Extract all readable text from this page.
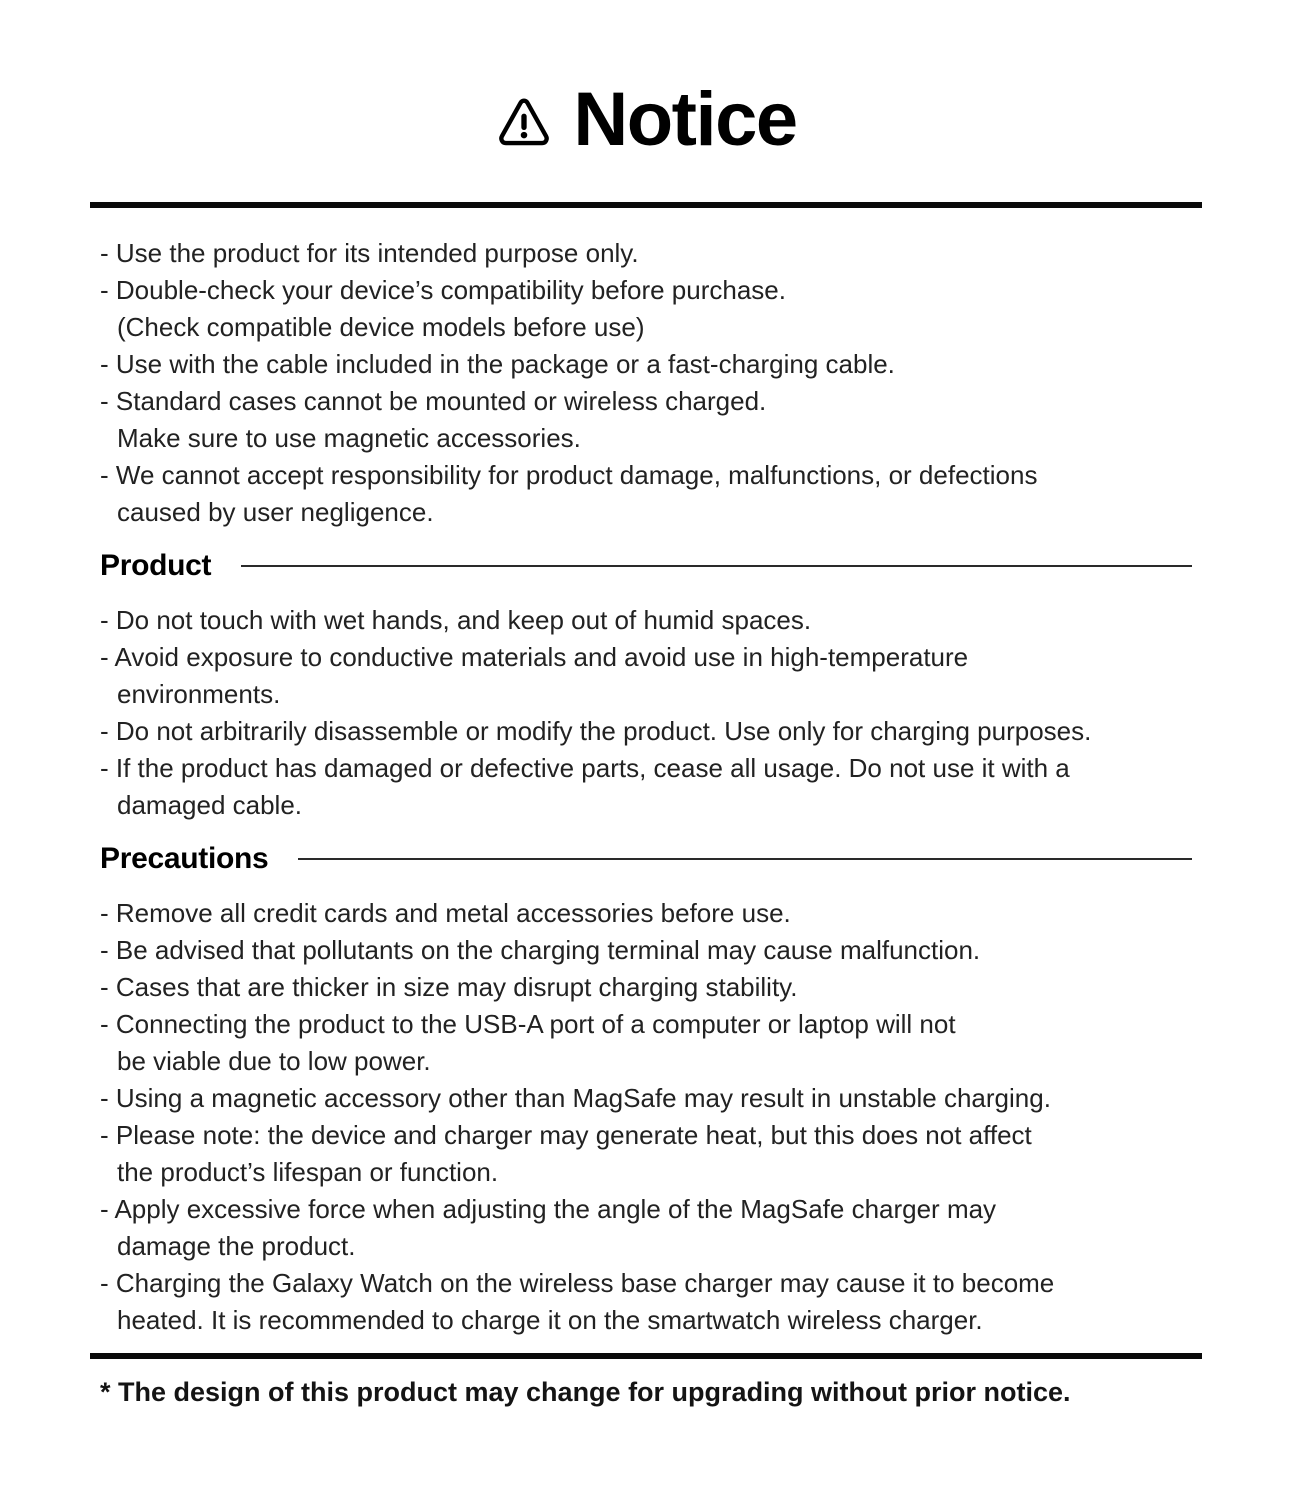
Notice
- Use the product for its intended purpose only.
- Double-check your device’s compatibility before purchase.
(Check compatible device models before use)
- Use with the cable included in the package or a fast-charging cable.
- Standard cases cannot be mounted or wireless charged.
Make sure to use magnetic accessories.
- We cannot accept responsibility for product damage, malfunctions, or defections
caused by user negligence.
Product
- Do not touch with wet hands, and keep out of humid spaces.
- Avoid exposure to conductive materials and avoid use in high-temperature
environments.
- Do not arbitrarily disassemble or modify the product. Use only for charging purposes.
- If the product has damaged or defective parts, cease all usage. Do not use it with a
damaged cable.
Precautions
- Remove all credit cards and metal accessories before use.
- Be advised that pollutants on the charging terminal may cause malfunction.
- Cases that are thicker in size may disrupt charging stability.
- Connecting the product to the USB-A port of a computer or laptop will not
be viable due to low power.
- Using a magnetic accessory other than MagSafe may result in unstable charging.
- Please note: the device and charger may generate heat, but this does not affect
the product’s lifespan or function.
- Apply excessive force when adjusting the angle of the MagSafe charger may
damage the product.
- Charging the Galaxy Watch on the wireless base charger may cause it to become
heated. It is recommended to charge it on the smartwatch wireless charger.

* The design of this product may change for upgrading without prior notice.
